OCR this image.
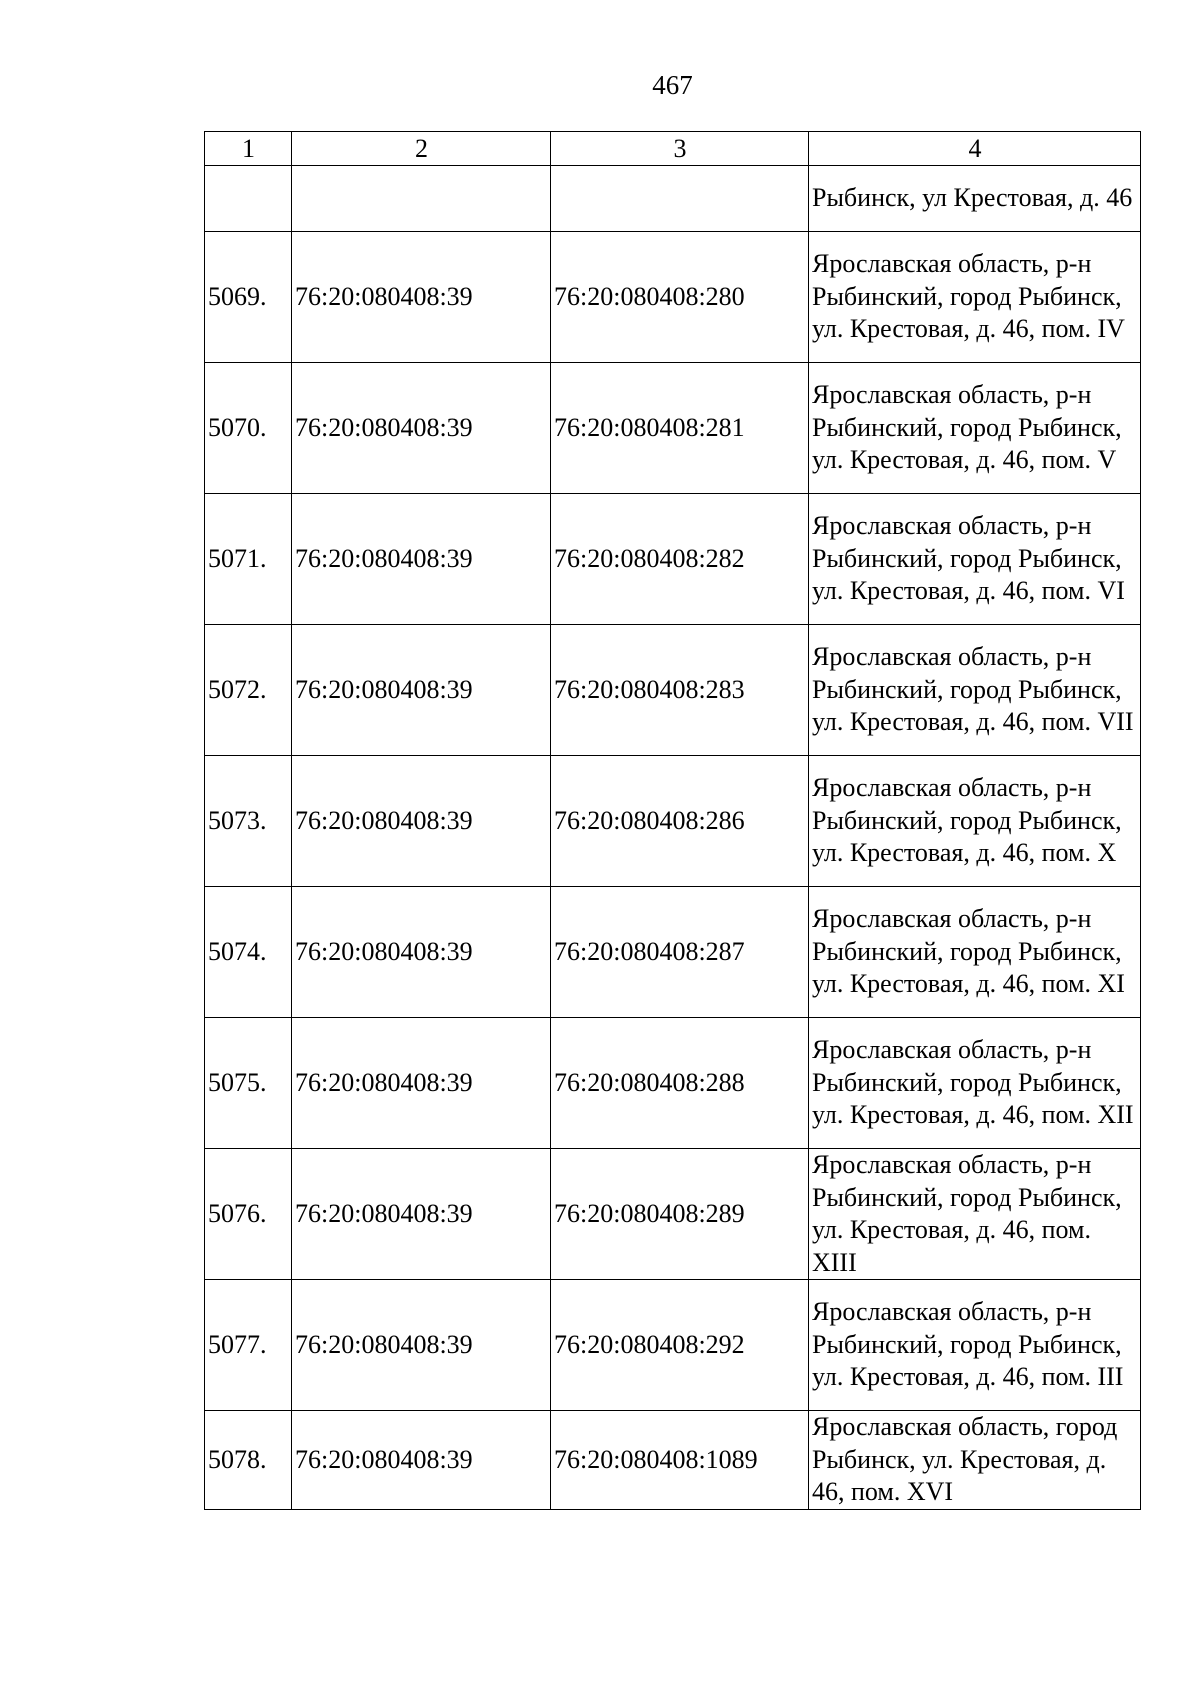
467
1	2	3	4
			Рыбинск, ул Крестовая, д. 46
5069.	76:20:080408:39	76:20:080408:280	Ярославская область, р-н Рыбинский, город Рыбинск, ул. Крестовая, д. 46, пом. IV
5070.	76:20:080408:39	76:20:080408:281	Ярославская область, р-н Рыбинский, город Рыбинск, ул. Крестовая, д. 46, пом. V
5071.	76:20:080408:39	76:20:080408:282	Ярославская область, р-н Рыбинский, город Рыбинск, ул. Крестовая, д. 46, пом. VI
5072.	76:20:080408:39	76:20:080408:283	Ярославская область, р-н Рыбинский, город Рыбинск, ул. Крестовая, д. 46, пом. VII
5073.	76:20:080408:39	76:20:080408:286	Ярославская область, р-н Рыбинский, город Рыбинск, ул. Крестовая, д. 46, пом. X
5074.	76:20:080408:39	76:20:080408:287	Ярославская область, р-н Рыбинский, город Рыбинск, ул. Крестовая, д. 46, пом. XI
5075.	76:20:080408:39	76:20:080408:288	Ярославская область, р-н Рыбинский, город Рыбинск, ул. Крестовая, д. 46, пом. XII
5076.	76:20:080408:39	76:20:080408:289	Ярославская область, р-н Рыбинский, город Рыбинск, ул. Крестовая, д. 46, пом. XIII
5077.	76:20:080408:39	76:20:080408:292	Ярославская область, р-н Рыбинский, город Рыбинск, ул. Крестовая, д. 46, пом. III
5078.	76:20:080408:39	76:20:080408:1089	Ярославская область, город Рыбинск, ул. Крестовая, д. 46, пом. XVI
